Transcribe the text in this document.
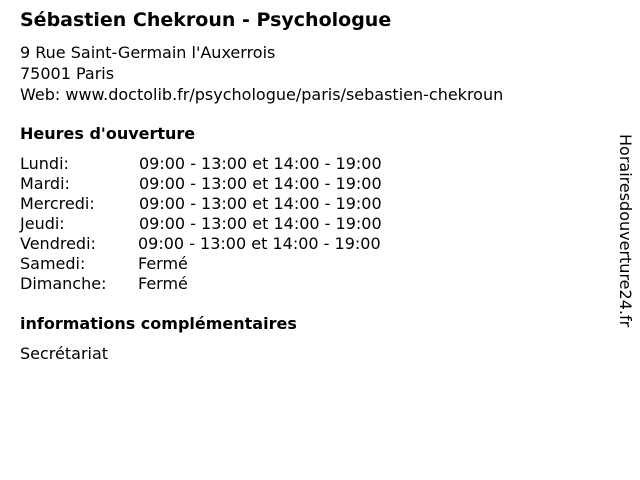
Sébastien Chekroun - Psychologue
9 Rue Saint-Germain l'Auxerrois
75001 Paris
Web: www.doctolib.fr/psychologue/paris/sebastien-chekroun
Heures d'ouverture
Lundi:	09:00 - 13:00 et 14:00 - 19:00
Mardi:	09:00 - 13:00 et 14:00 - 19:00
Mercredi:	09:00 - 13:00 et 14:00 - 19:00
Jeudi:	09:00 - 13:00 et 14:00 - 19:00
Vendredi:	09:00 - 13:00 et 14:00 - 19:00
Samedi:	Fermé
Dimanche: Fermé
informations complémentaires
Secrétariat
Horairesdouverture24.fr
